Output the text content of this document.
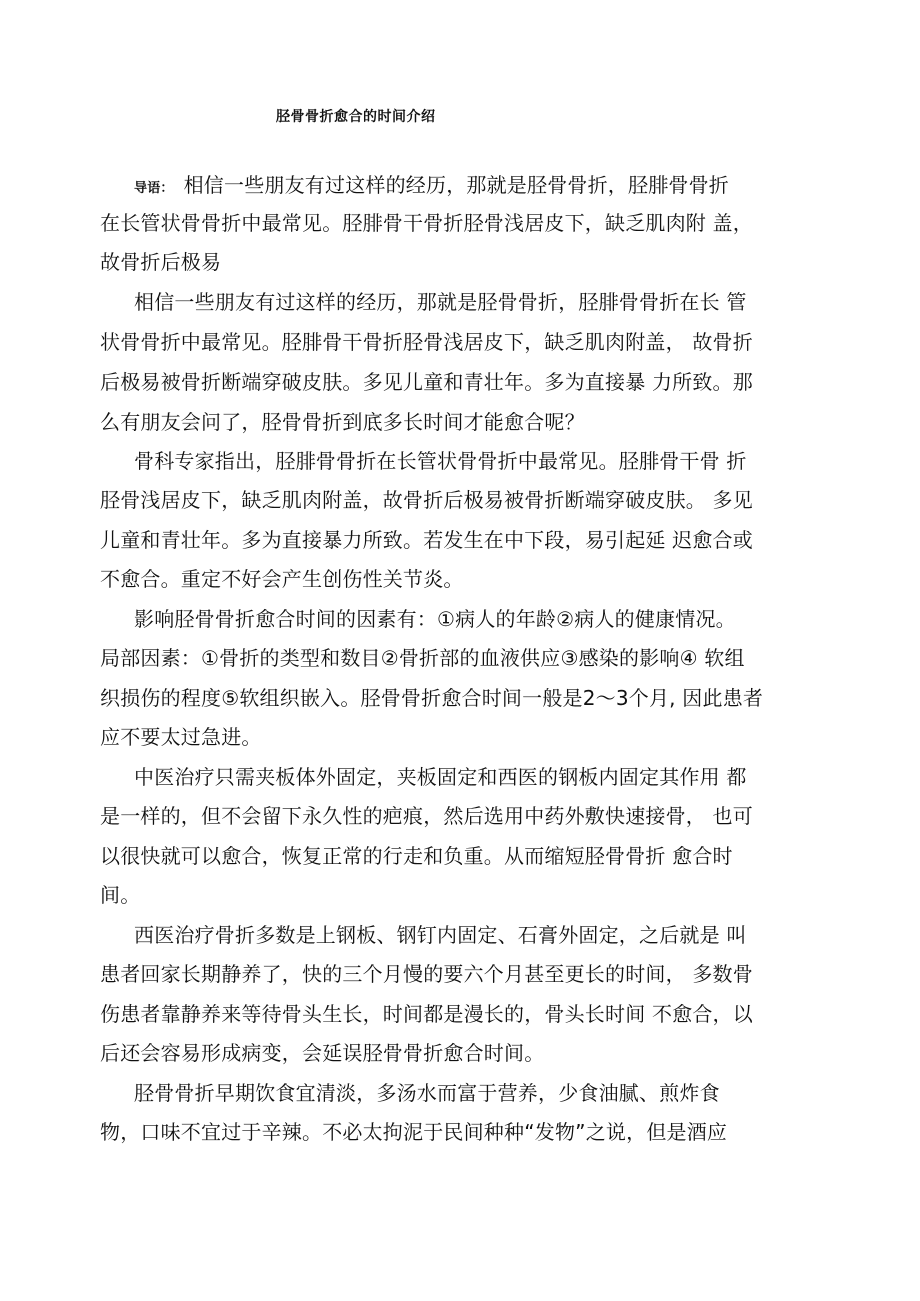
胫骨骨折愈合的时间介绍
导语： 相信一些朋友有过这样的经历，那就是胫骨骨折，胫腓骨骨折
在长管状骨骨折中最常见。胫腓骨干骨折胫骨浅居皮下，缺乏肌肉附 盖，
故骨折后极易
相信一些朋友有过这样的经历，那就是胫骨骨折，胫腓骨骨折在长 管
状骨骨折中最常见。胫腓骨干骨折胫骨浅居皮下，缺乏肌肉附盖， 故骨折
后极易被骨折断端穿破皮肤。多见儿童和青壮年。多为直接暴 力所致。那
么有朋友会问了，胫骨骨折到底多长时间才能愈合呢？
骨科专家指出，胫腓骨骨折在长管状骨骨折中最常见。胫腓骨干骨 折
胫骨浅居皮下，缺乏肌肉附盖，故骨折后极易被骨折断端穿破皮肤。 多见
儿童和青壮年。多为直接暴力所致。若发生在中下段，易引起延 迟愈合或
不愈合。重定不好会产生创伤性关节炎。
影响胫骨骨折愈合时间的因素有：①病人的年龄②病人的健康情况。
局部因素：①骨折的类型和数目②骨折部的血液供应③感染的影响④ 软组
织损伤的程度⑤软组织嵌入。胫骨骨折愈合时间一般是2〜3个月, 因此患者
应不要太过急进。
中医治疗只需夹板体外固定，夹板固定和西医的钢板内固定其作用 都
是一样的，但不会留下永久性的疤痕，然后选用中药外敷快速接骨， 也可
以很快就可以愈合，恢复正常的行走和负重。从而缩短胫骨骨折 愈合时
间。
西医治疗骨折多数是上钢板、钢钉内固定、石膏外固定，之后就是 叫
患者回家长期静养了，快的三个月慢的要六个月甚至更长的时间， 多数骨
伤患者靠静养来等待骨头生长，时间都是漫长的，骨头长时间 不愈合，以
后还会容易形成病变，会延误胫骨骨折愈合时间。
胫骨骨折早期饮食宜清淡，多汤水而富于营养，少食油腻、煎炸食
物，口味不宜过于辛辣。不必太拘泥于民间种种“发物”之说，但是酒应
